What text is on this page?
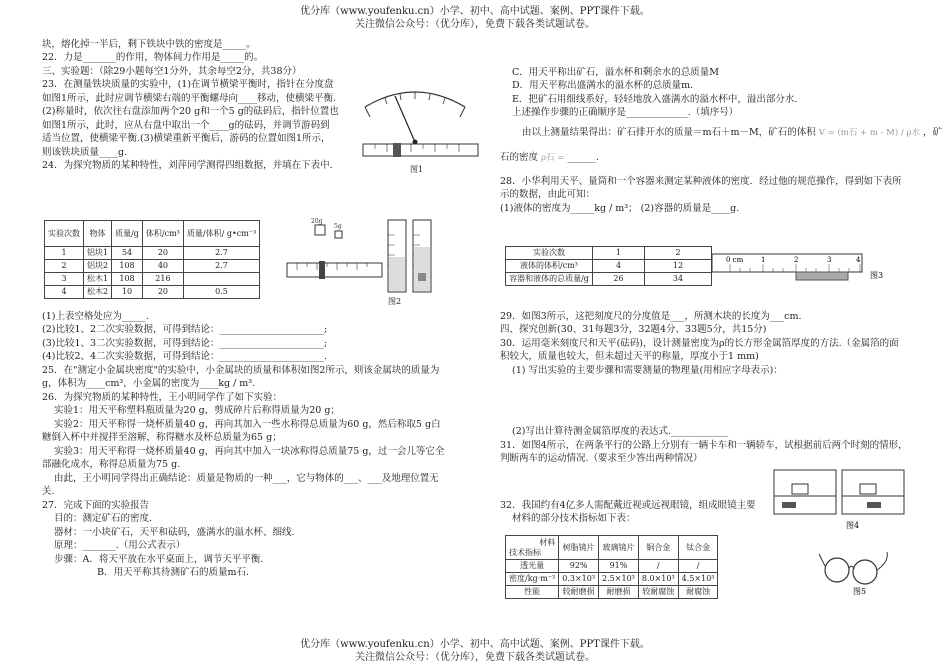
优分库（www.youfenku.cn）小学、初中、高中试题、案例、PPT课件下载。
关注微信公众号：（优分库），免费下载各类试题试卷。
块，熔化掉一半后，剩下铁块中铁的密度是_____。
22．力是_______的作用，物体间力作用是_____的。
三、实验题：（除29小题每空1分外，其余每空2分，共38分）
23．在测量铁块质量的实验中，(1)在调节横梁平衡时，指针在分度盘
如图1所示，此时应调节横梁右端的平衡螺母向____移动，使横梁平衡.
(2)称量时，依次往右盘添加两个20 g和一个5 g的砝码后，指针位置也
如图1所示，此时，应从右盘中取出一个____g的砝码，并调节游码到
适当位置，使横梁平衡.(3)横梁重新平衡后，游码的位置如图1所示，
则该铁块质量____g.
24．为探究物质的某种特性，刘萍同学测得四组数据，并填在下表中.	图1
实验次数	物体	质量/g	体积/cm³	质量/体积/ g•cm⁻³
1	铝块1	54	20	2.7
2	铝块2	108	40	2.7
3	松木1	108	216	
4	松木2	10	20	0.5
20g
5g
图2
(1)上表空格处应为_____.
(2)比较1、2二次实验数据，可得到结论：______________________;
(3)比较1、3二次实验数据，可得到结论：______________________;
(4)比较2、4二次实验数据，可得到结论：______________________.
25．在"测定小金属块密度"的实验中，小金属块的质量和体积如图2所示，则该金属块的质量为
g，体积为____cm³，小金属的密度为____kg / m³.
26．为探究物质的某种特性，王小明同学作了如下实验：
实验1：用天平称塑料瓶质量为20 g，剪成碎片后称得质量为20 g；
实验2：用天平称得一烧杯质量40 g，再向其加入一些水称得总质量为60 g，然后称取5 g白
糖倒入杯中并搅拌至溶解，称得糖水及杯总质量为65 g；
实验3：用天平称得一烧杯质量40 g，再向其中加入一块冰称得总质量75 g，过一会儿等它全
部融化成水，称得总质量为75 g.
由此，王小明同学得出正确结论：质量是物质的一种___，它与物体的___、___及地理位置无
关.
27．完成下面的实验报告
目的：测定矿石的密度.
器材：一小块矿石，天平和砝码，盛满水的溢水杯、细线.
原理：_______.（用公式表示）
步骤：A．将天平放在水平桌面上，调节天平平衡.
B．用天平称其待测矿石的质量m石.
C．用天平称出矿石，溢水杯和剩余水的总质量M
D．用天平称出盛满水的溢水杯的总质量m.
E．把矿石用细线系好，轻轻地放入盛满水的溢水杯中，溢出部分水.
上述操作步骤的正确顺序是_____________.（填序号）
由以上测量结果得出：矿石排开水的质量＝m石＋m－M，矿石的体积 V = (m石 + m - M) / ρ水 ，矿
石的密度 ρ石 = ______.
28．小华利用天平、量筒和一个容器来测定某种液体的密度．经过他的规范操作，得到如下表所
示的数据，由此可知：
(1)液体的密度为_____kg / m³； (2)容器的质量是____g.
实验次数	1	2
液体的体积/cm³	4	12
容器和液体的总质量/g	26	34
0 cm	1	2	3	4
图3
29．如图3所示，这把刻度尺的分度值是___，所测木块的长度为___cm.
四、探究创新(30、31每题3分，32题4分、33题5分，共15分)
30．运用毫米刻度尺和天平(砝码)，设计测量密度为ρ的长方形金属箔厚度的方法.（金属箔的面
积较大，质量也较大，但未超过天平的称量，厚度小于1 mm)
(1) 写出实验的主要步骤和需要测量的物理量(用相应字母表示)：
(2)写出计算待测金属箔厚度的表达式.____________
31．如图4所示，在两条平行的公路上分别有一辆卡车和一辆轿车，试根据前后两个时刻的情形，
判断两车的运动情况.（要求至少答出两种情况）
图4
32．我国约有4亿多人需配戴近视或远视眼镜，组成眼镜主要
材料的部分技术指标如下表：
材料
技术指标	树脂镜片	玻璃镜片	铜合金	钛合金
透光量	92%	91%	/	/
密度/kg·m⁻³	0.3×10³	2.5×10³	8.0×10³	4.5×10³
性能	较耐磨损	耐磨损	较耐腐蚀	耐腐蚀	图5
优分库（www.youfenku.cn）小学、初中、高中试题、案例、PPT课件下载。
关注微信公众号：（优分库），免费下载各类试题试卷。
